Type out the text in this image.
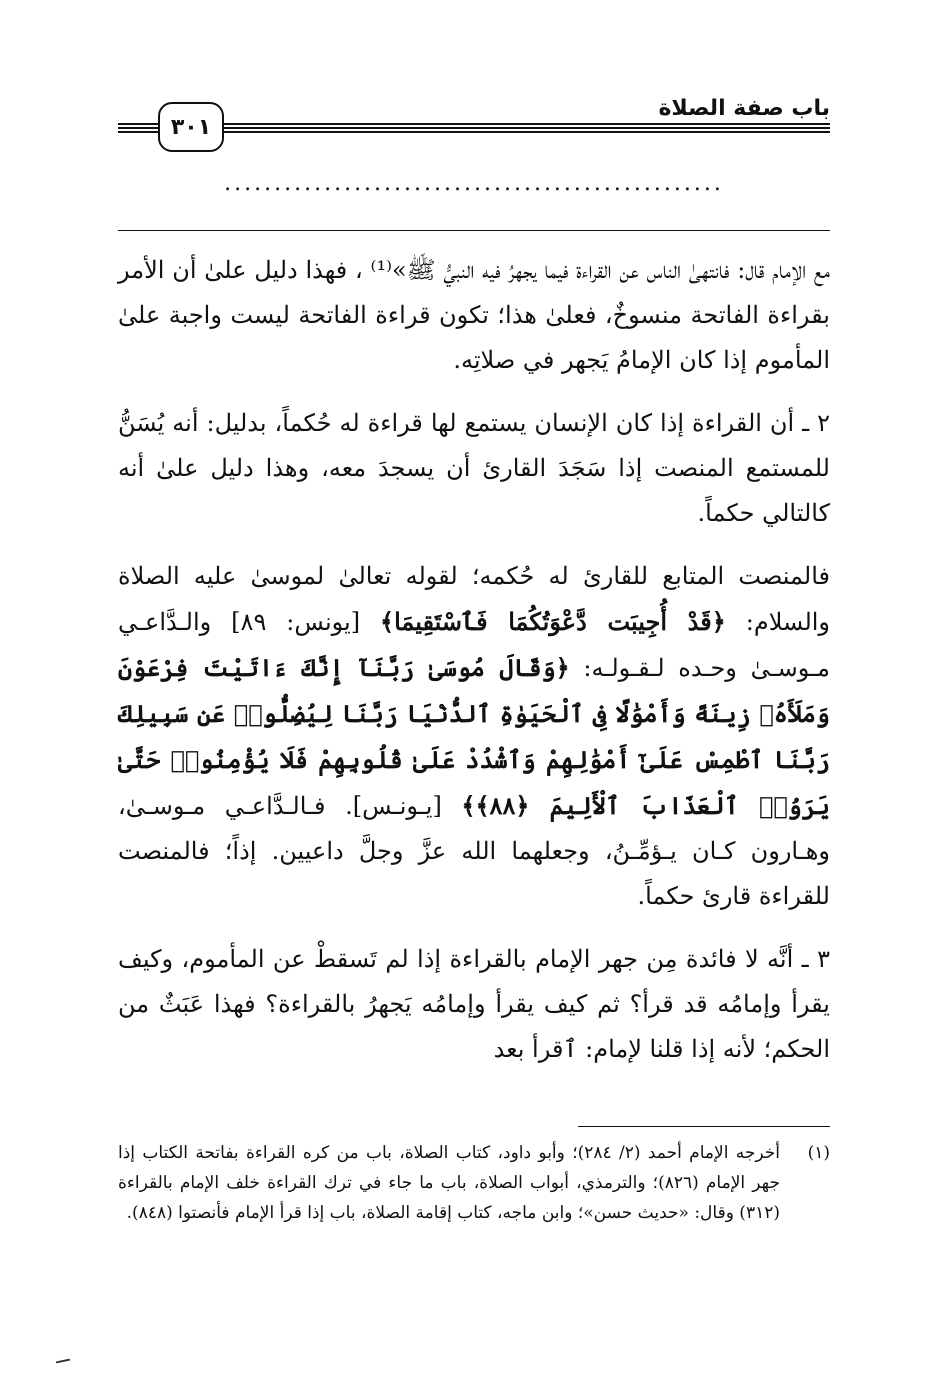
٣٠١
باب صفة الصلاة
..................................................

مع الإمام قال: فانتهىٰ الناس عن القراءة فيما يجهرُ فيه النبيُّ ﷺ»⁽¹⁾ ، فهذا دليل علىٰ أن الأمر بقراءة الفاتحة منسوخٌ، فعلىٰ هذا؛ تكون قراءة الفاتحة ليست واجبة علىٰ المأموم إذا كان الإمامُ يَجهر في صلاتِه.

٢ ـ أن القراءة إذا كان الإنسان يستمع لها قراءة له حُكماً، بدليل: أنه يُسَنُّ للمستمع المنصت إذا سَجَدَ القارئ أن يسجدَ معه، وهذا دليل علىٰ أنه كالتالي حكماً.

فالمنصت المتابع للقارئ له حُكمه؛ لقوله تعالىٰ لموسىٰ عليه الصلاة والسلام: ﴿قَدْ أُجِيبَت دَّعْوَتُكُمَا فَٱسْتَقِيمَا﴾ [يونس: ٨٩] والـدَّاعـي مـوسـىٰ وحـده لـقـولـه: ﴿وَقَالَ مُوسَىٰ رَبَّنَآ إِنَّكَ ءَاتَيْتَ فِرْعَوْنَ وَمَلَأَهُۥ زِينَةً وَأَمْوَٰلًا فِى ٱلْحَيَوٰةِ ٱلدُّنْيَا رَبَّنَا لِيُضِلُّوا۟ عَن سَبِيلِكَ رَبَّنَا ٱطْمِسْ عَلَىٰٓ أَمْوَٰلِهِمْ وَٱشْدُدْ عَلَىٰ قُلُوبِهِمْ فَلَا يُؤْمِنُوا۟ حَتَّىٰ يَرَوُا۟ ٱلْعَذَابَ ٱلْأَلِيمَ ﴿٨٨﴾﴾ [يـونـس]. فـالـدَّاعـي مـوسـىٰ، وهـارون كـان يـؤمِّـنُ، وجعلهما الله عزَّ وجلَّ داعيين. إذاً؛ فالمنصت للقراءة قارئ حكماً.

٣ ـ أنَّه لا فائدة مِن جهر الإمام بالقراءة إذا لم تَسقطْ عن المأموم، وكيف يقرأ وإمامُه قد قرأ؟ ثم كيف يقرأ وإمامُه يَجهرُ بالقراءة؟ فهذا عَبَثٌ من الحكم؛ لأنه إذا قلنا لإمام: ٱقرأ بعد

(١)
أخرجه الإمام أحمد (٢/ ٢٨٤)؛ وأبو داود، كتاب الصلاة، باب من كره القراءة بفاتحة الكتاب إذا جهر الإمام (٨٢٦)؛ والترمذي، أبواب الصلاة، باب ما جاء في ترك القراءة خلف الإمام بالقراءة (٣١٢) وقال: «حديث حسن»؛ وابن ماجه، كتاب إقامة الصلاة، باب إذا قرأ الإمام فأنصتوا (٨٤٨).
